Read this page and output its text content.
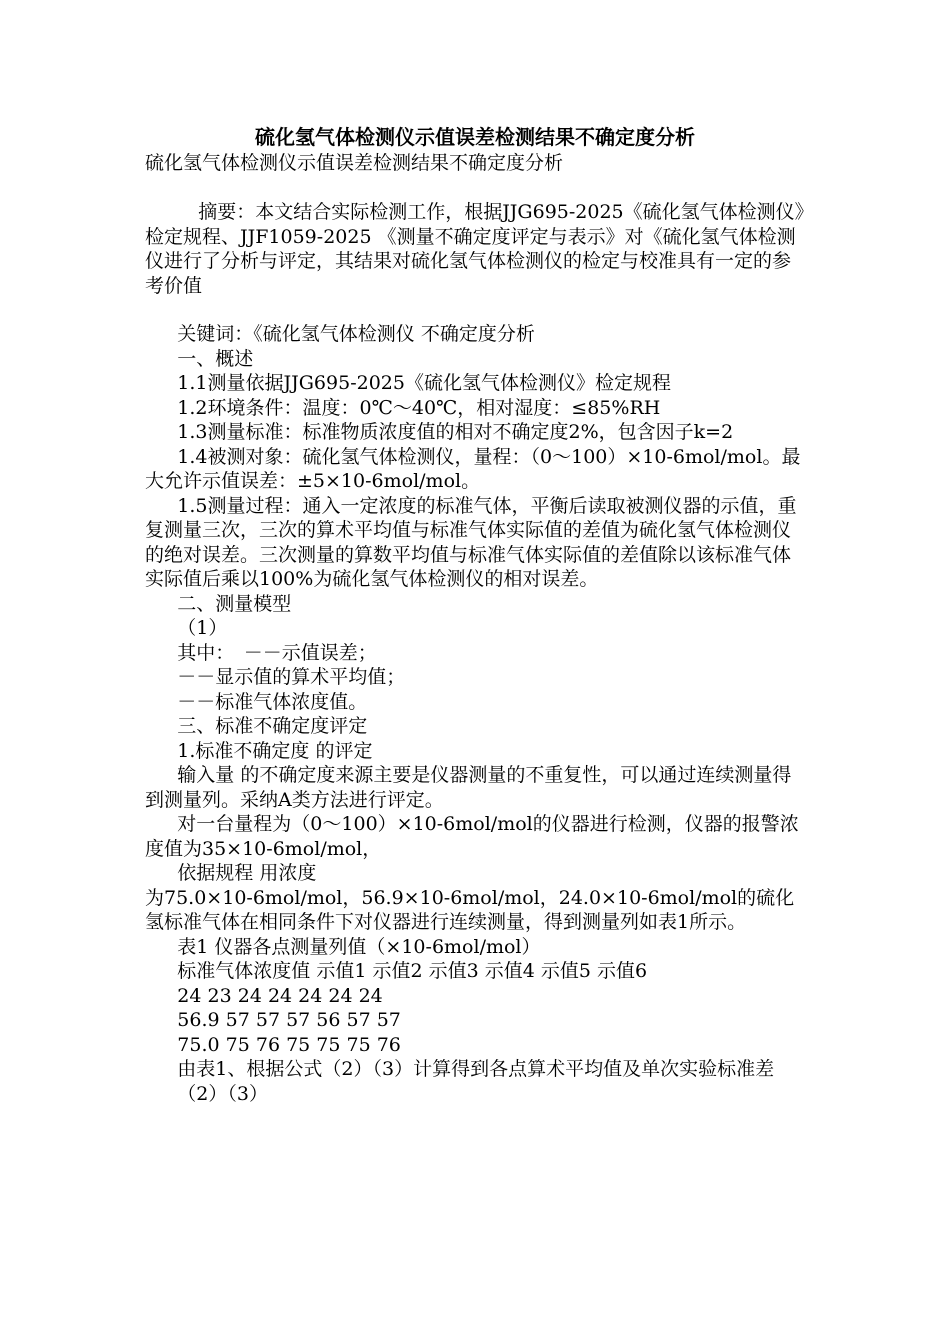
硫化氢气体检测仪示值误差检测结果不确定度分析
硫化氢气体检测仪示值误差检测结果不确定度分析
摘要：本文结合实际检测工作，根据JJG695-2025《硫化氢气体检测仪》检定规程、JJF1059-2025 《测量不确定度评定与表示》对《硫化氢气体检测仪进行了分析与评定，其结果对硫化氢气体检测仪的检定与校准具有一定的参考价值

关键词：《硫化氢气体检测仪 不确定度分析

一、概述

1.1测量依据JJG695-2025《硫化氢气体检测仪》检定规程

1.2环境条件：温度：0℃～40℃，相对湿度：≤85%RH

1.3测量标准：标准物质浓度值的相对不确定度2%，包含因子k=2

1.4被测对象：硫化氢气体检测仪，量程：（0～100）×10-6mol/mol。最大允许示值误差：±5×10-6mol/mol。

1.5测量过程：通入一定浓度的标准气体，平衡后读取被测仪器的示值，重复测量三次，三次的算术平均值与标准气体实际值的差值为硫化氢气体检测仪的绝对误差。三次测量的算数平均值与标准气体实际值的差值除以该标准气体实际值后乘以100%为硫化氢气体检测仪的相对误差。

二、测量模型

（1）

其中：　－－示值误差；

－－显示值的算术平均值；

－－标准气体浓度值。

三、标准不确定度评定

1.标准不确定度 的评定

输入量 的不确定度来源主要是仪器测量的不重复性，可以通过连续测量得到测量列。采纳A类方法进行评定。

对一台量程为（0～100）×10-6mol/mol的仪器进行检测，仪器的报警浓度值为35×10-6mol/mol，

依据规程 用浓度

为75.0×10-6mol/mol，56.9×10-6mol/mol，24.0×10-6mol/mol的硫化氢标准气体在相同条件下对仪器进行连续测量，得到测量列如表1所示。

表1 仪器各点测量列值（×10-6mol/mol）

标准气体浓度值 示值1 示值2 示值3 示值4 示值5 示值6

24 23 24 24 24 24 24

56.9 57 57 57 56 57 57

75.0 75 76 75 75 75 76

由表1、根据公式（2）（3）计算得到各点算术平均值及单次实验标准差

（2）（3）
